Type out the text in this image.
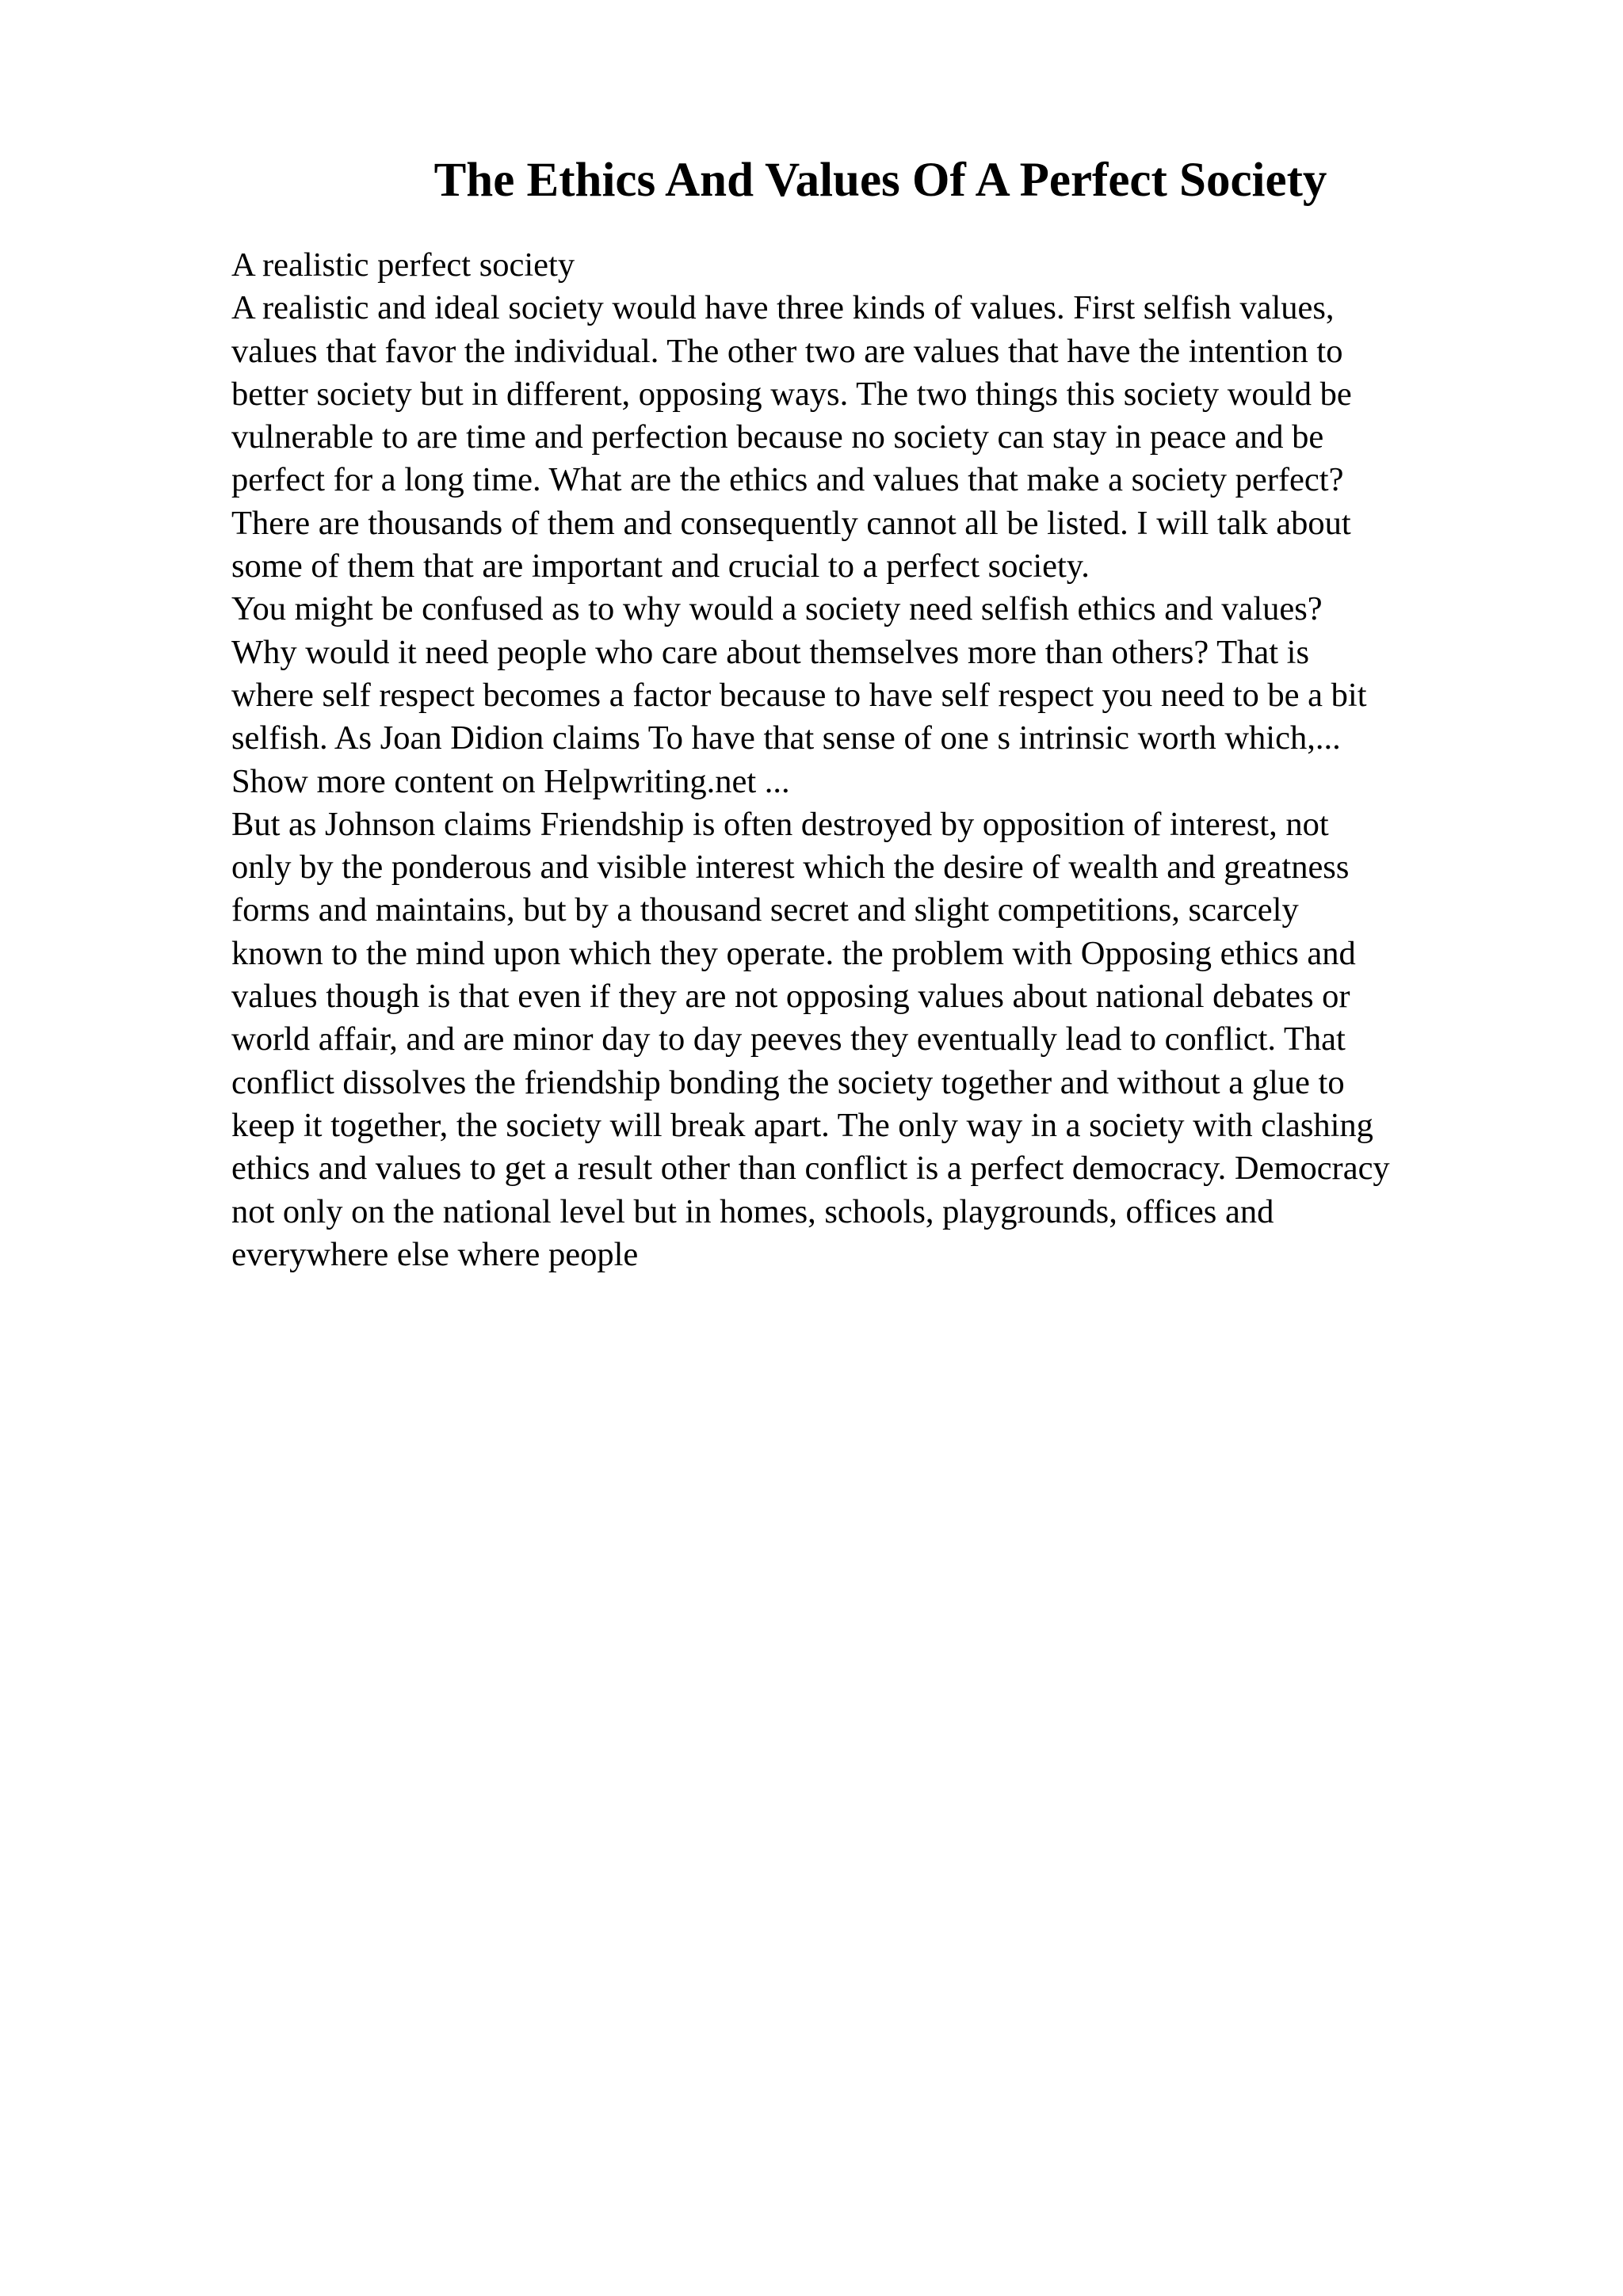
The Ethics And Values Of A Perfect Society
A realistic perfect society
A realistic and ideal society would have three kinds of values. First selfish values,
values that favor the individual. The other two are values that have the intention to
better society but in different, opposing ways. The two things this society would be
vulnerable to are time and perfection because no society can stay in peace and be
perfect for a long time. What are the ethics and values that make a society perfect?
There are thousands of them and consequently cannot all be listed. I will talk about
some of them that are important and crucial to a perfect society.
You might be confused as to why would a society need selfish ethics and values?
Why would it need people who care about themselves more than others? That is
where self respect becomes a factor because to have self respect you need to be a bit
selfish. As Joan Didion claims To have that sense of one s intrinsic worth which,...
Show more content on Helpwriting.net ...
But as Johnson claims Friendship is often destroyed by opposition of interest, not
only by the ponderous and visible interest which the desire of wealth and greatness
forms and maintains, but by a thousand secret and slight competitions, scarcely
known to the mind upon which they operate. the problem with Opposing ethics and
values though is that even if they are not opposing values about national debates or
world affair, and are minor day to day peeves they eventually lead to conflict. That
conflict dissolves the friendship bonding the society together and without a glue to
keep it together, the society will break apart. The only way in a society with clashing
ethics and values to get a result other than conflict is a perfect democracy. Democracy
not only on the national level but in homes, schools, playgrounds, offices and
everywhere else where people
